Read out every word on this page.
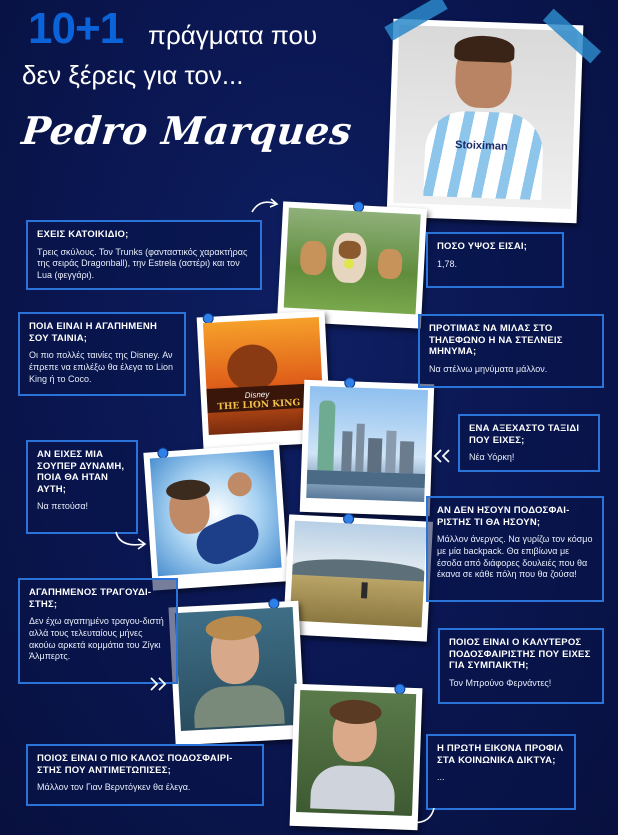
10+1 πράγματα που
δεν ξέρεις για τον...
Pedro Marques	Stoiximan
Disney
THE LION KING
ΕΧΕΙΣ ΚΑΤΟΙΚΙΔΙΟ;
Τρεις σκύλους. Τον Trunks (φανταστικός χαρακτήρας της σειράς Dragonball), την Estrela (αστέρι) και τον Lua (φεγγάρι).
ΠΟΣΟ ΥΨΟΣ ΕΙΣΑΙ;
1,78.
ΠΟΙΑ ΕΙΝΑΙ Η ΑΓΑΠΗΜΕΝΗ ΣΟΥ ΤΑΙΝΙΑ;
Οι πιο πολλές ταινίες της Disney. Αν έπρεπε να επιλέξω θα έλεγα το Lion King ή το Coco.
ΠΡΟΤΙΜΑΣ ΝΑ ΜΙΛΑΣ ΣΤΟ ΤΗΛΕΦΩΝΟ Η ΝΑ ΣΤΕΛΝΕΙΣ ΜΗΝΥΜΑ;
Να στέλνω μηνύματα μάλλον.
ΕΝΑ ΑΞΕΧΑΣΤΟ ΤΑΞΙΔΙ ΠΟΥ ΕΙΧΕΣ;
Νέα Υόρκη!
ΑΝ ΕΙΧΕΣ ΜΙΑ ΣΟΥΠΕΡ ΔΥΝΑΜΗ, ΠΟΙΑ ΘΑ ΗΤΑΝ ΑΥΤΗ;
Να πετούσα!	ΑΝ ΔΕΝ ΗΣΟΥΝ ΠΟΔΟΣΦΑΙ-ΡΙΣΤΗΣ ΤΙ ΘΑ ΗΣΟΥΝ;
Μάλλον άνεργος. Να γυρίζω τον κόσμο με μία backpack. Θα επιβίωνα με έσοδα από διάφορες δουλειές που θα έκανα σε κάθε πόλη που θα ζούσα!
ΑΓΑΠΗΜΕΝΟΣ ΤΡΑΓΟΥΔΙ-ΣΤΗΣ;
Δεν έχω αγαπημένο τραγου-διστή αλλά τους τελευταίους μήνες ακούω αρκετά κομμάτια του Ζίγκι Άλμπερτς.
ΠΟΙΟΣ ΕΙΝΑΙ Ο ΚΑΛΥΤΕΡΟΣ ΠΟΔΟΣΦΑΙΡΙΣΤΗΣ ΠΟΥ ΕΙΧΕΣ ΓΙΑ ΣΥΜΠΑΙΚΤΗ;
Τον Μπρούνο Φερνάντες!
ΠΟΙΟΣ ΕΙΝΑΙ Ο ΠΙΟ ΚΑΛΟΣ ΠΟΔΟΣΦΑΙΡΙ-ΣΤΗΣ ΠΟΥ ΑΝΤΙΜΕΤΩΠΙΣΕΣ;
Μάλλον τον Γιαν Βερντόγκεν θα έλεγα.
Η ΠΡΩΤΗ ΕΙΚΟΝΑ ΠΡΟΦΙΛ ΣΤΑ ΚΟΙΝΩΝΙΚΑ ΔΙΚΤΥΑ;
...
